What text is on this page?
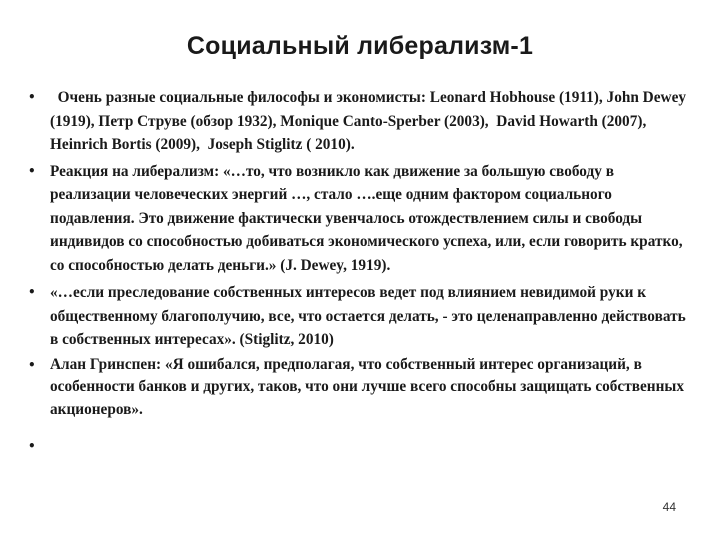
Социальный либерализм-1
• Очень разные социальные философы и экономисты: Leonard Hobhouse (1911), John Dewey (1919), Петр Струве (обзор 1932), Monique Canto-Sperber (2003),  David Howarth (2007), Heinrich Bortis (2009),  Joseph Stiglitz ( 2010).
• Реакция на либерализм: «…то, что возникло как движение за большую свободу в реализации человеческих энергий …, стало ….еще одним фактором социального подавления. Это движение фактически увенчалось отождествлением силы и свободы индивидов со способностью добиваться экономического успеха, или, если говорить кратко, со способностью делать деньги.» (J. Dewey, 1919).
• «…если преследование собственных интересов ведет под влиянием невидимой руки к общественному благополучию, все, что остается делать, - это целенаправленно действовать в собственных интересах». (Stiglitz, 2010)
• Алан Гринспен: «Я ошибался, предполагая, что собственный интерес организаций, в особенности банков и других, таков, что они лучше всего способны защищать собственных акционеров».
•
44
